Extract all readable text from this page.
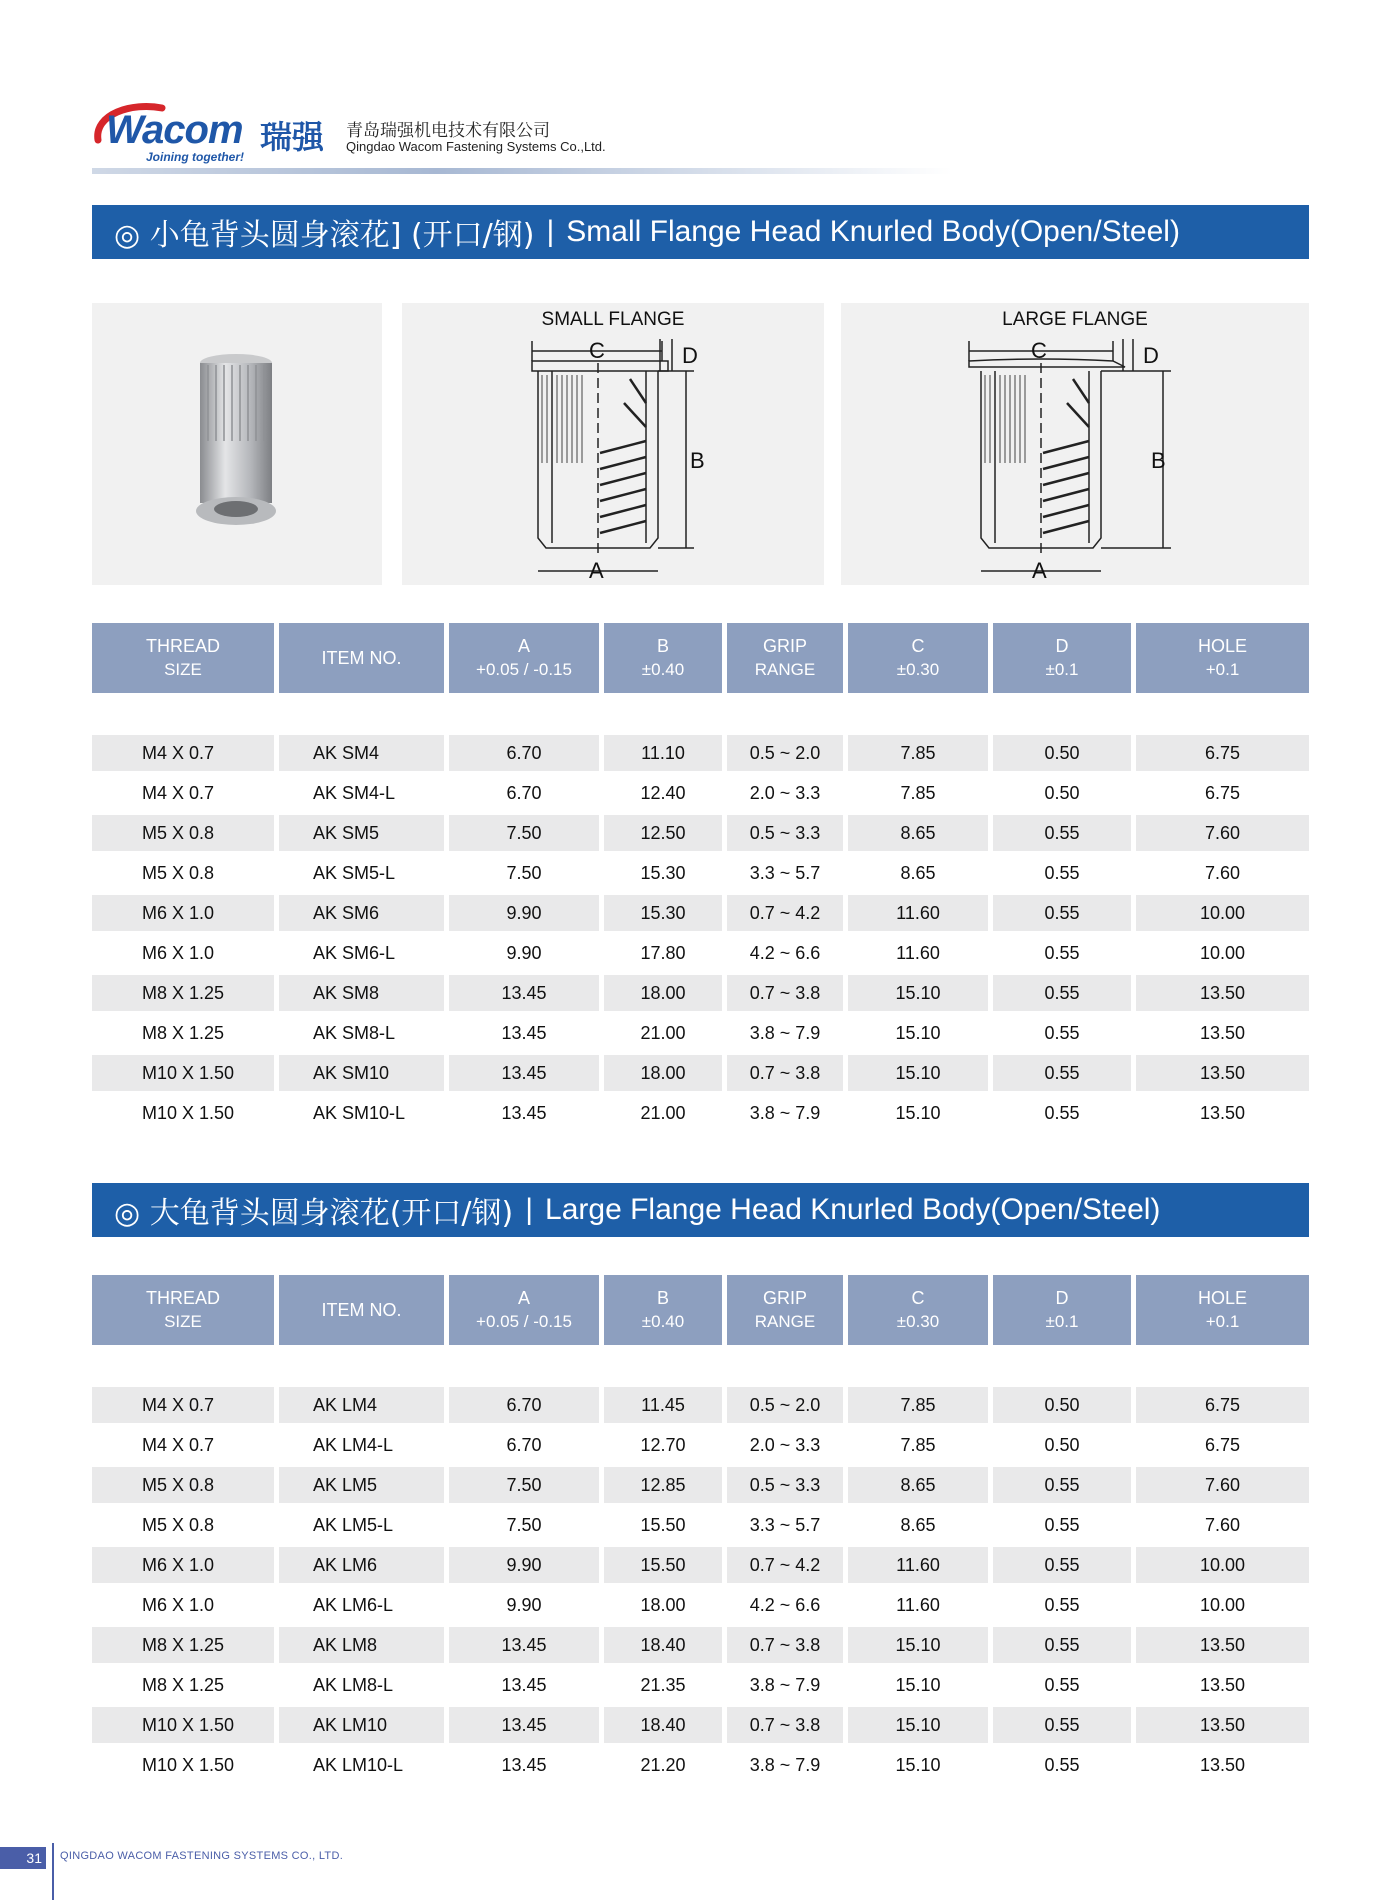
Wacom 瑞强
Joining together!
青岛瑞强机电技术有限公司
Qingdao Wacom Fastening Systems Co.,Ltd.
◎ 小龟背头圆身滚花] (开口/钢) | Small Flange Head Knurled Body(Open/Steel)
SMALL FLANGE
C	D
B
A
LARGE FLANGE
C	D
B
A
THREAD
SIZE
ITEM NO.
A
+0.05 / -0.15
B
±0.40
GRIP
RANGE
C
±0.30
D
±0.1
HOLE
+0.1
M4 X 0.7	AK SM4	6.70	11.10	0.5 ~ 2.0	7.85	0.50	6.75
M4 X 0.7	AK SM4-L	6.70	12.40	2.0 ~ 3.3	7.85	0.50	6.75
M5 X 0.8	AK SM5	7.50	12.50	0.5 ~ 3.3	8.65	0.55	7.60
M5 X 0.8	AK SM5-L	7.50	15.30	3.3 ~ 5.7	8.65	0.55	7.60
M6 X 1.0	AK SM6	9.90	15.30	0.7 ~ 4.2	11.60	0.55	10.00
M6 X 1.0	AK SM6-L	9.90	17.80	4.2 ~ 6.6	11.60	0.55	10.00
M8 X 1.25	AK SM8	13.45	18.00	0.7 ~ 3.8	15.10	0.55	13.50
M8 X 1.25	AK SM8-L	13.45	21.00	3.8 ~ 7.9	15.10	0.55	13.50
M10 X 1.50	AK SM10	13.45	18.00	0.7 ~ 3.8	15.10	0.55	13.50
M10 X 1.50	AK SM10-L	13.45	21.00	3.8 ~ 7.9	15.10	0.55	13.50
◎ 大龟背头圆身滚花(开口/钢) | Large Flange Head Knurled Body(Open/Steel)
THREAD
SIZE
ITEM NO.
A
+0.05 / -0.15
B
±0.40
GRIP
RANGE
C
±0.30
D
±0.1
HOLE
+0.1
M4 X 0.7	AK LM4	6.70	11.45	0.5 ~ 2.0	7.85	0.50	6.75
M4 X 0.7	AK LM4-L	6.70	12.70	2.0 ~ 3.3	7.85	0.50	6.75
M5 X 0.8	AK LM5	7.50	12.85	0.5 ~ 3.3	8.65	0.55	7.60
M5 X 0.8	AK LM5-L	7.50	15.50	3.3 ~ 5.7	8.65	0.55	7.60
M6 X 1.0	AK LM6	9.90	15.50	0.7 ~ 4.2	11.60	0.55	10.00
M6 X 1.0	AK LM6-L	9.90	18.00	4.2 ~ 6.6	11.60	0.55	10.00
M8 X 1.25	AK LM8	13.45	18.40	0.7 ~ 3.8	15.10	0.55	13.50
M8 X 1.25	AK LM8-L	13.45	21.35	3.8 ~ 7.9	15.10	0.55	13.50
M10 X 1.50	AK LM10	13.45	18.40	0.7 ~ 3.8	15.10	0.55	13.50
M10 X 1.50	AK LM10-L	13.45	21.20	3.8 ~ 7.9	15.10	0.55	13.50
31	QINGDAO WACOM FASTENING SYSTEMS CO., LTD.
